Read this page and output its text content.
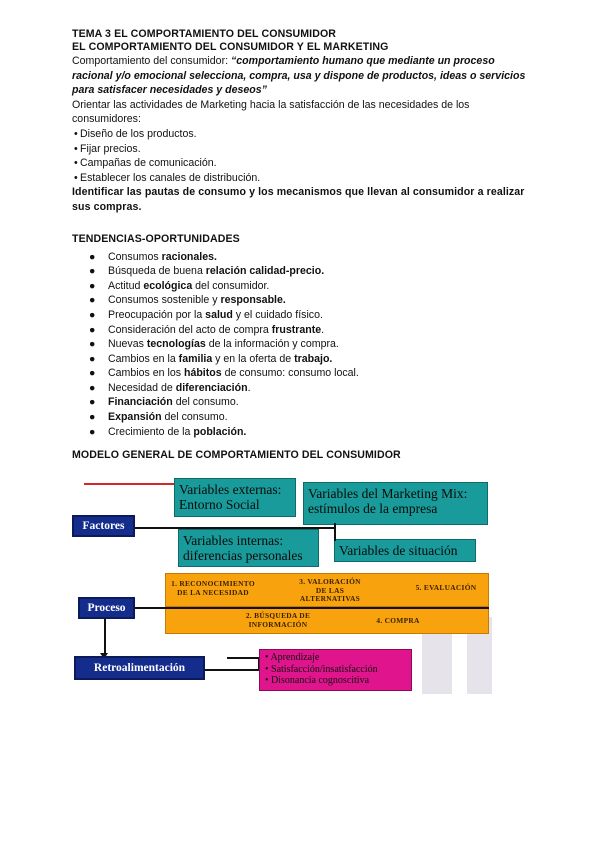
TEMA 3 EL COMPORTAMIENTO DEL CONSUMIDOR

EL COMPORTAMIENTO DEL CONSUMIDOR Y EL MARKETING

Comportamiento del consumidor: “comportamiento humano que mediante un proceso racional y/o emocional selecciona, compra, usa y dispone de productos, ideas o servicios para satisfacer necesidades y deseos”

Orientar las actividades de Marketing hacia la satisfacción de las necesidades de los consumidores:

• Diseño de los productos.
• Fijar precios.
• Campañas de comunicación.
• Establecer los canales de distribución.

Identificar las pautas de consumo y los mecanismos que llevan al consumidor a realizar sus compras.

TENDENCIAS-OPORTUNIDADES

● Consumos racionales.
● Búsqueda de buena relación calidad-precio.
● Actitud ecológica del consumidor.
● Consumos sostenible y responsable.
● Preocupación por la salud y el cuidado físico.
● Consideración del acto de compra frustrante.
● Nuevas tecnologías de la información y compra.
● Cambios en la familia y en la oferta de trabajo.
● Cambios en los hábitos de consumo: consumo local.
● Necesidad de diferenciación.
● Financiación del consumo.
● Expansión del consumo.
● Crecimiento de la población.

MODELO GENERAL DE COMPORTAMIENTO DEL CONSUMIDOR

Variables externas: Entorno Social
Variables del Marketing Mix: estímulos de la empresa
Variables internas: diferencias personales	Variables de situación
Factores
Proceso
Retroalimentación
1. RECONOCIMIENTO DE LA NECESIDAD
3. VALORACIÓN DE LAS ALTERNATIVAS
5. EVALUACIÓN
2. BÚSQUEDA DE INFORMACIÓN	4. COMPRA
• Aprendizaje
• Satisfacción/insatisfacción
• Disonancia cognoscitiva
